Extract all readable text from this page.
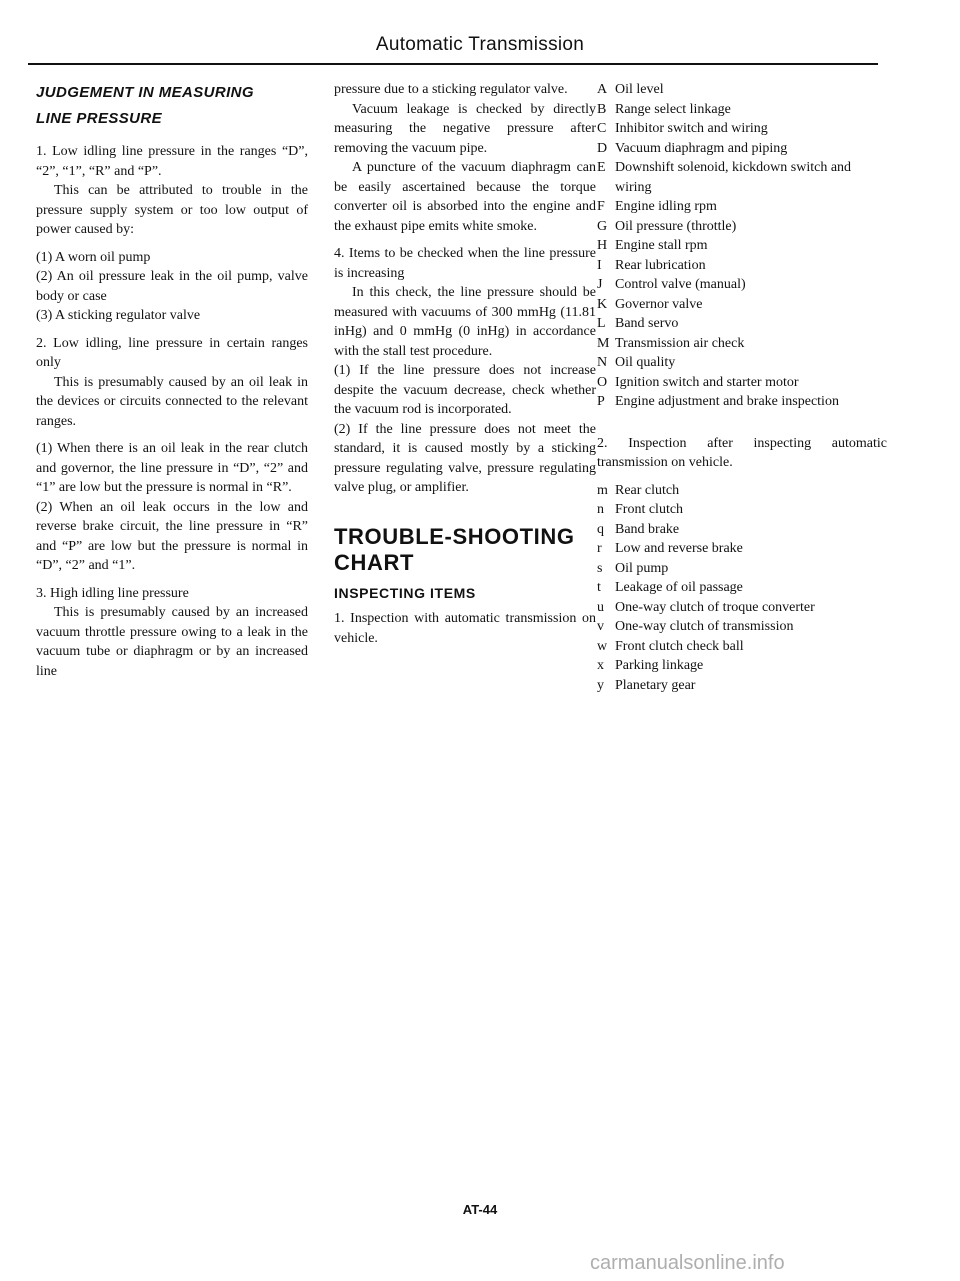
Automatic Transmission
JUDGEMENT IN MEASURING
LINE PRESSURE

1. Low idling line pressure in the ranges “D”, “2”, “1”, “R” and “P”.

This can be attributed to trouble in the pressure supply system or too low output of power caused by:

(1) A worn oil pump

(2) An oil pressure leak in the oil pump, valve body or case

(3) A sticking regulator valve

2. Low idling, line pressure in certain ranges only

This is presumably caused by an oil leak in the devices or circuits connected to the relevant ranges.

(1) When there is an oil leak in the rear clutch and governor, the line pressure in “D”, “2” and “1” are low but the pressure is normal in “R”.

(2) When an oil leak occurs in the low and reverse brake circuit, the line pressure in “R” and “P” are low but the pressure is normal in “D”, “2” and “1”.

3. High idling line pressure

This is presumably caused by an increased vacuum throttle pressure owing to a leak in the vacuum tube or diaphragm or by an increased line

pressure due to a sticking regulator valve.

Vacuum leakage is checked by directly measuring the negative pressure after removing the vacuum pipe.

A puncture of the vacuum diaphragm can be easily ascertained because the torque converter oil is absorbed into the engine and the exhaust pipe emits white smoke.

4. Items to be checked when the line pressure is increasing

In this check, the line pressure should be measured with vacuums of 300 mmHg (11.81 inHg) and 0 mmHg (0 inHg) in accordance with the stall test procedure.

(1) If the line pressure does not increase despite the vacuum decrease, check whether the vacuum rod is incorporated.

(2) If the line pressure does not meet the standard, it is caused mostly by a sticking pressure regulating valve, pressure regulating valve plug, or amplifier.

TROUBLE-SHOOTING
CHART
INSPECTING ITEMS

1. Inspection with automatic transmission on vehicle.

A Oil level
B Range select linkage
C Inhibitor switch and wiring
D Vacuum diaphragm and piping
E Downshift solenoid, kickdown switch and wiring
F Engine idling rpm
G Oil pressure (throttle)
H Engine stall rpm
I Rear lubrication
J Control valve (manual)
K Governor valve
L Band servo
M Transmission air check
N Oil quality
O Ignition switch and starter motor
P Engine adjustment and brake inspection

2. Inspection after inspecting automatic transmission on vehicle.

m Rear clutch
n Front clutch
q Band brake
r Low and reverse brake
s Oil pump
t	Leakage of oil passage
u One-way clutch of troque converter
v One-way clutch of transmission
w Front clutch check ball
x Parking linkage
y Planetary gear
AT-44
carmanualsonline.info
